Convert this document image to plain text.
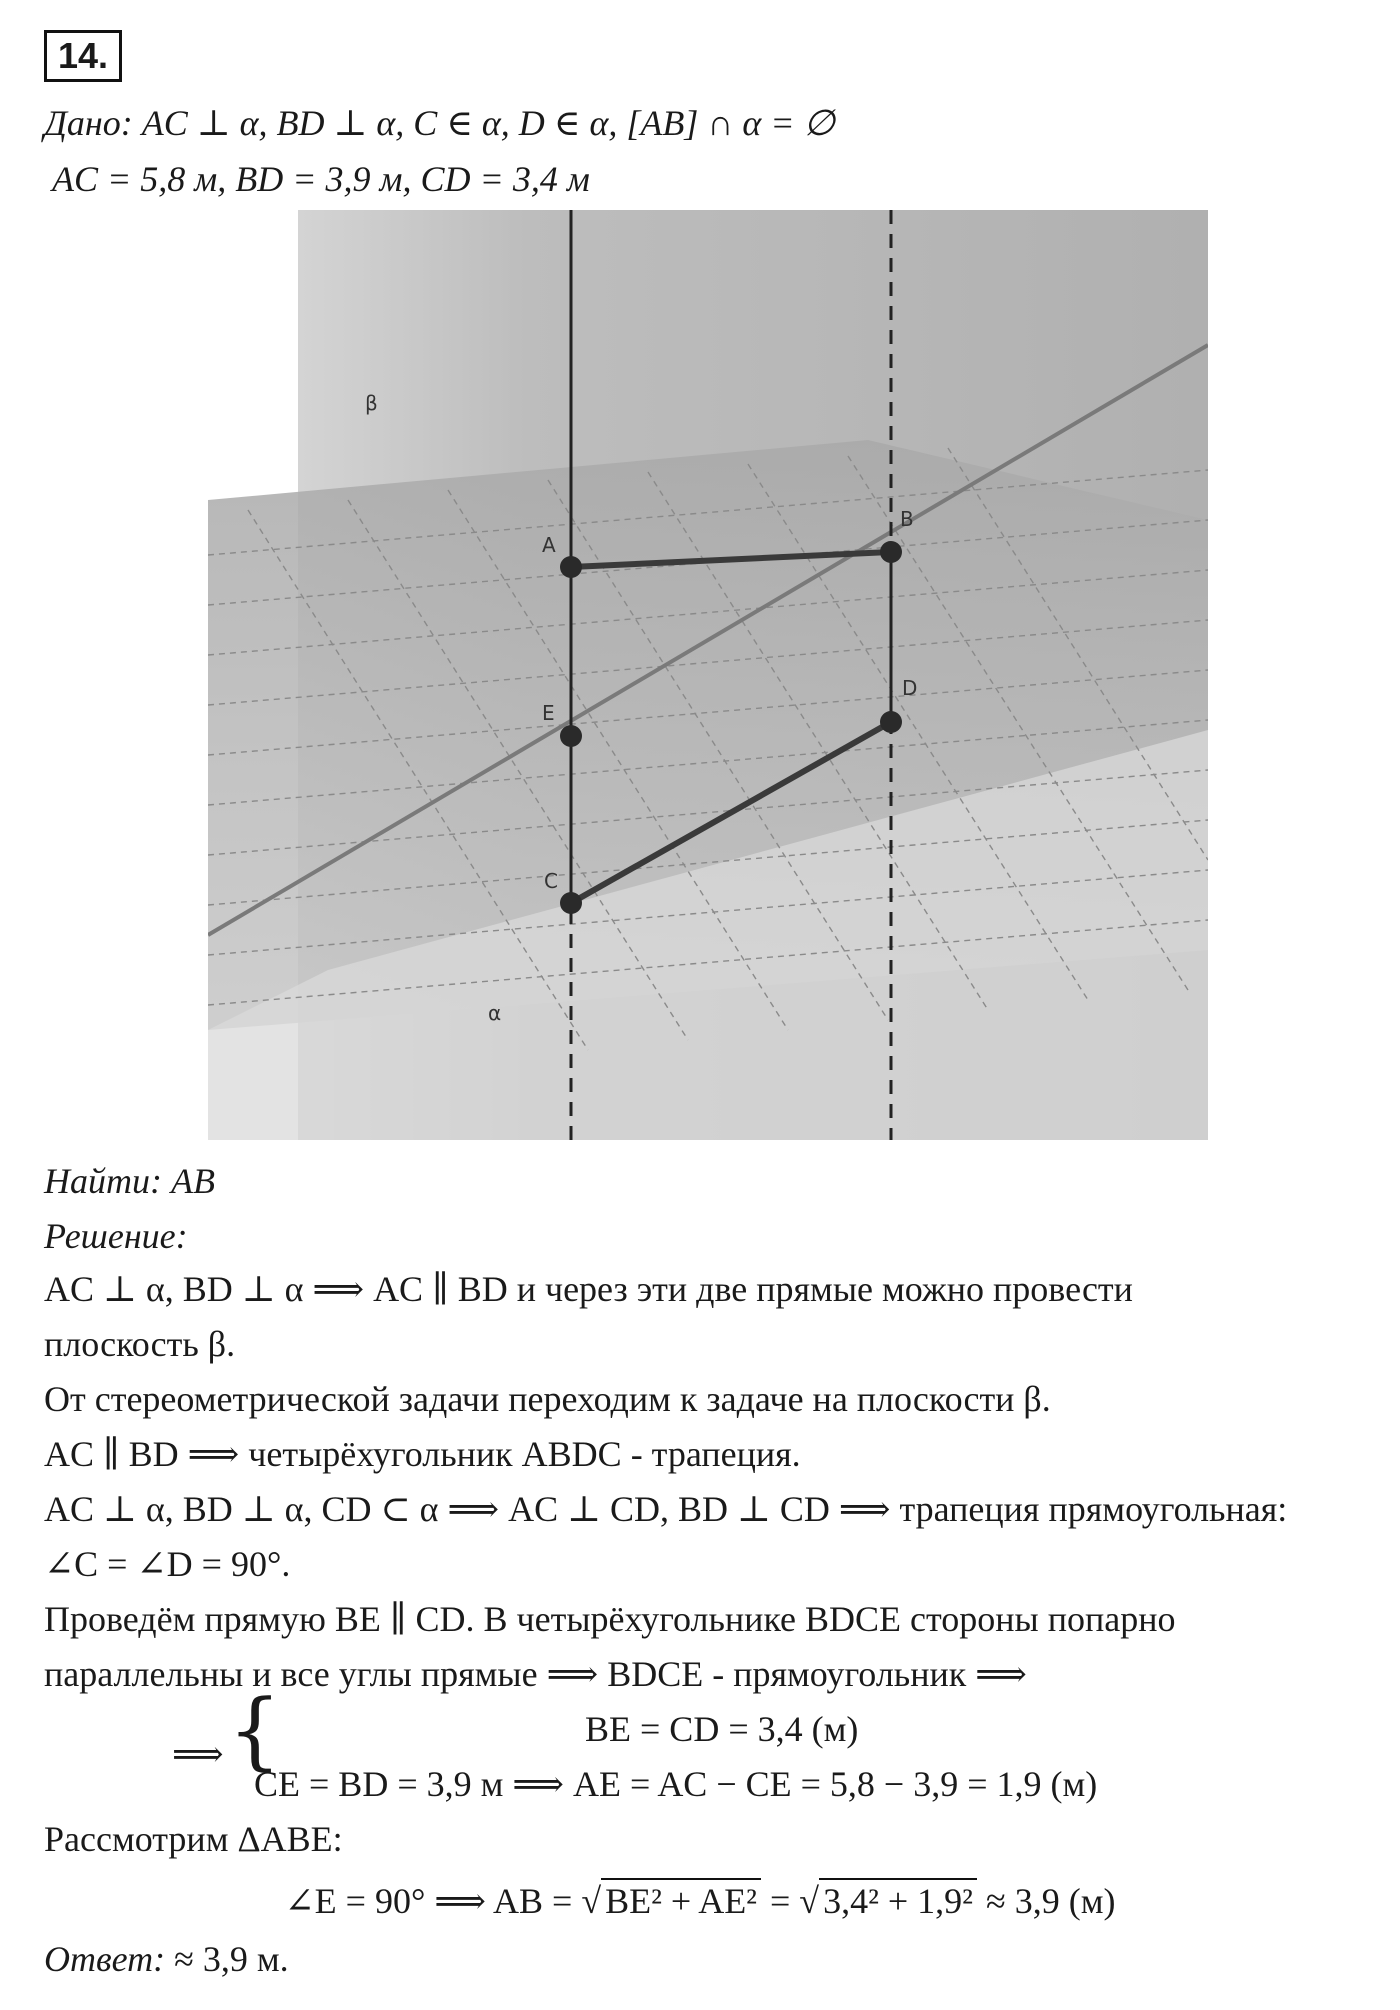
14.
Дано: AC ⊥ α, BD ⊥ α, C ∈ α, D ∈ α, [AB] ∩ α = ∅
AC = 5,8 м, BD = 3,9 м, CD = 3,4 м
β
α
A
B
E
D
C
Найти: AB
Решение:
AC ⊥ α, BD ⊥ α ⟹ AC ∥ BD и через эти две прямые можно провести
плоскость β.
От стереометрической задачи переходим к задаче на плоскости β.
AC ∥ BD ⟹ четырёхугольник ABDC - трапеция.
AC ⊥ α, BD ⊥ α, CD ⊂ α ⟹ AC ⊥ CD, BD ⊥ CD ⟹ трапеция прямоугольная:
∠C = ∠D = 90°.
Проведём прямую BE ∥ CD. В четырёхугольнике BDCE стороны попарно
параллельны и все углы прямые ⟹ BDCE - прямоугольник ⟹
⟹ {	BE = CD = 3,4 (м)
CE = BD = 3,9 м ⟹ AE = AC − CE = 5,8 − 3,9 = 1,9 (м)
Рассмотрим ΔABE:
∠E = 90° ⟹ AB = √ BE² + AE² = √ 3,4² + 1,9² ≈ 3,9 (м)
Ответ: ≈ 3,9 м.
